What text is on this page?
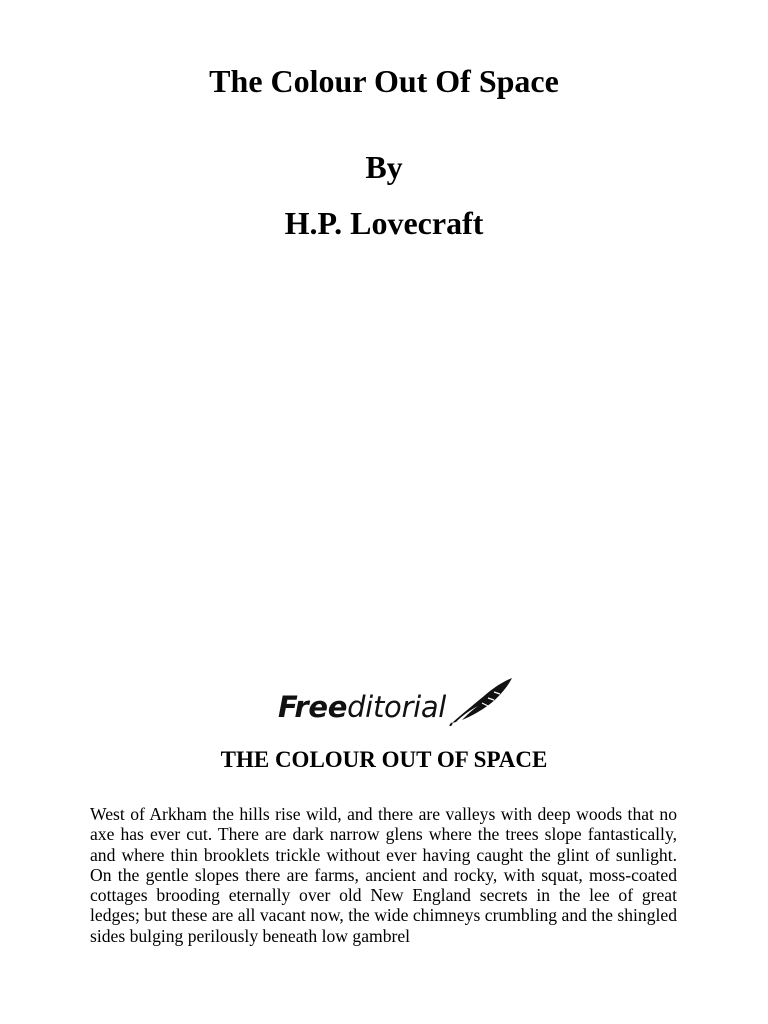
The Colour Out Of Space
By
H.P. Lovecraft
Freeditorial
THE COLOUR OUT OF SPACE

West of Arkham the hills rise wild, and there are valleys with deep woods that no axe has ever cut. There are dark narrow glens where the trees slope fantastically, and where thin brooklets trickle without ever having caught the glint of sunlight. On the gentle slopes there are farms, ancient and rocky, with squat, moss-coated cottages brooding eternally over old New England secrets in the lee of great ledges; but these are all vacant now, the wide chimneys crumbling and the shingled sides bulging perilously beneath low gambrel
